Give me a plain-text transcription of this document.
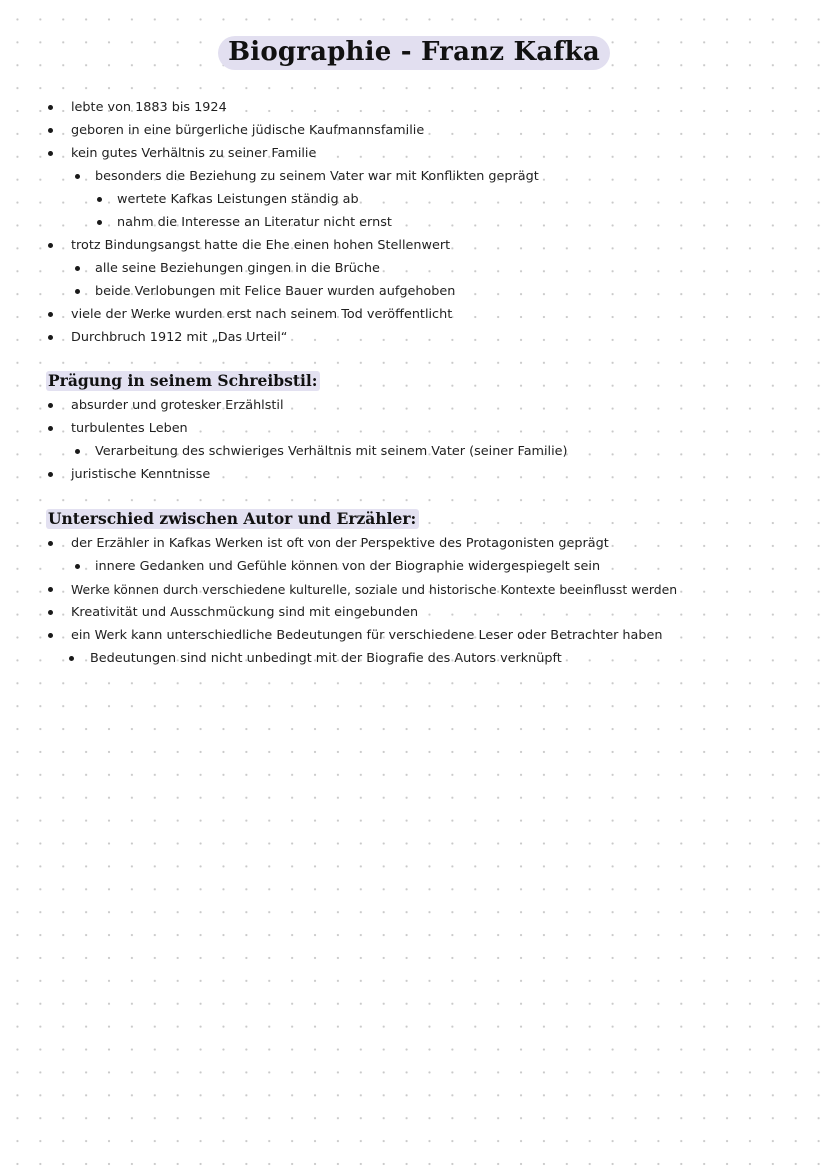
Biographie - Franz Kafka
lebte von 1883 bis 1924
geboren in eine bürgerliche jüdische Kaufmannsfamilie
kein gutes Verhältnis zu seiner Familie
besonders die Beziehung zu seinem Vater war mit Konflikten geprägt
wertete Kafkas Leistungen ständig ab
nahm die Interesse an Literatur nicht ernst
trotz Bindungsangst hatte die Ehe einen hohen Stellenwert
alle seine Beziehungen gingen in die Brüche
beide Verlobungen mit Felice Bauer wurden aufgehoben
viele der Werke wurden erst nach seinem Tod veröffentlicht
Durchbruch 1912 mit „Das Urteil“
Prägung in seinem Schreibstil:
absurder und grotesker Erzählstil
turbulentes Leben
Verarbeitung des schwieriges Verhältnis mit seinem Vater (seiner Familie)
juristische Kenntnisse
Unterschied zwischen Autor und Erzähler:
der Erzähler in Kafkas Werken ist oft von der Perspektive des Protagonisten geprägt
innere Gedanken und Gefühle können von der Biographie widergespiegelt sein
Werke können durch verschiedene kulturelle, soziale und historische Kontexte beeinflusst werden
Kreativität und Ausschmückung sind mit eingebunden
ein Werk kann unterschiedliche Bedeutungen für verschiedene Leser oder Betrachter haben
Bedeutungen sind nicht unbedingt mit der Biografie des Autors verknüpft
